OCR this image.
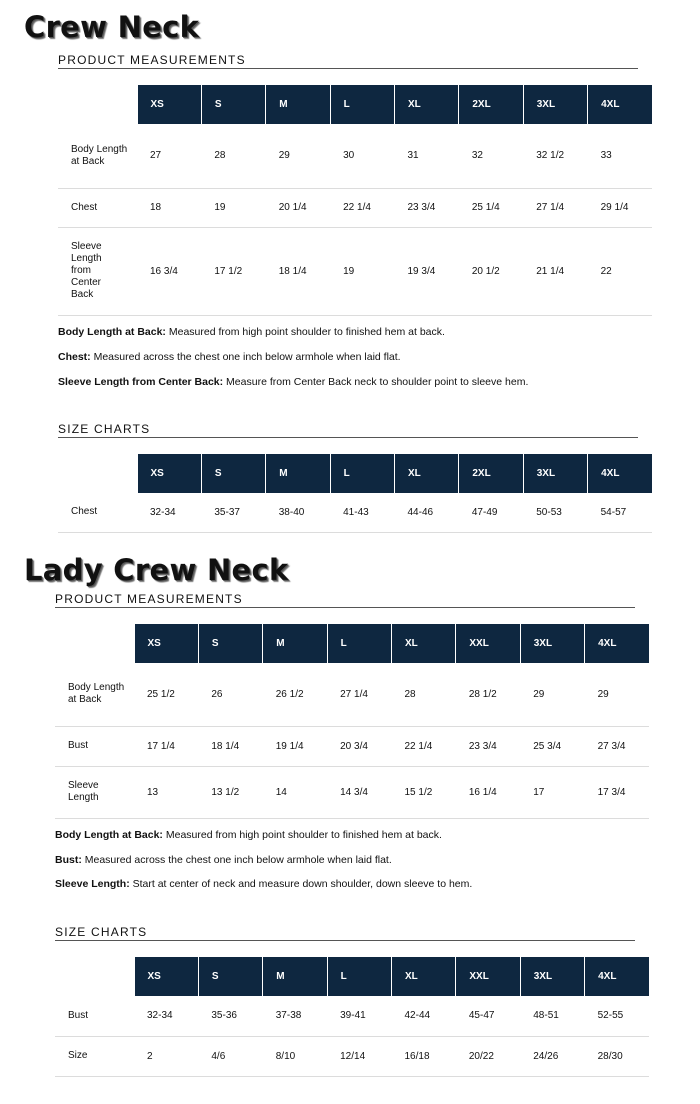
Crew Neck
PRODUCT MEASUREMENTS
	XS	S	M	L	XL	2XL	3XL	4XL
Body Length at Back	27	28	29	30	31	32	32 1/2	33
Chest	18	19	20 1/4	22 1/4	23 3/4	25 1/4	27 1/4	29 1/4
Sleeve Length from Center Back	16 3/4	17 1/2	18 1/4	19	19 3/4	20 1/2	21 1/4	22
Body Length at Back: Measured from high point shoulder to finished hem at back.
Chest: Measured across the chest one inch below armhole when laid flat.
Sleeve Length from Center Back: Measure from Center Back neck to shoulder point to sleeve hem.
SIZE CHARTS
	XS	S	M	L	XL	2XL	3XL	4XL
Chest	32-34	35-37	38-40	41-43	44-46	47-49	50-53	54-57
Lady Crew Neck
PRODUCT MEASUREMENTS
	XS	S	M	L	XL	XXL	3XL	4XL
Body Length at Back	25 1/2	26	26 1/2	27 1/4	28	28 1/2	29	29
Bust	17 1/4	18 1/4	19 1/4	20 3/4	22 1/4	23 3/4	25 3/4	27 3/4
Sleeve Length	13	13 1/2	14	14 3/4	15 1/2	16 1/4	17	17 3/4
Body Length at Back: Measured from high point shoulder to finished hem at back.
Bust: Measured across the chest one inch below armhole when laid flat.
Sleeve Length: Start at center of neck and measure down shoulder, down sleeve to hem.
SIZE CHARTS
	XS	S	M	L	XL	XXL	3XL	4XL
Bust	32-34	35-36	37-38	39-41	42-44	45-47	48-51	52-55
Size	2	4/6	8/10	12/14	16/18	20/22	24/26	28/30
